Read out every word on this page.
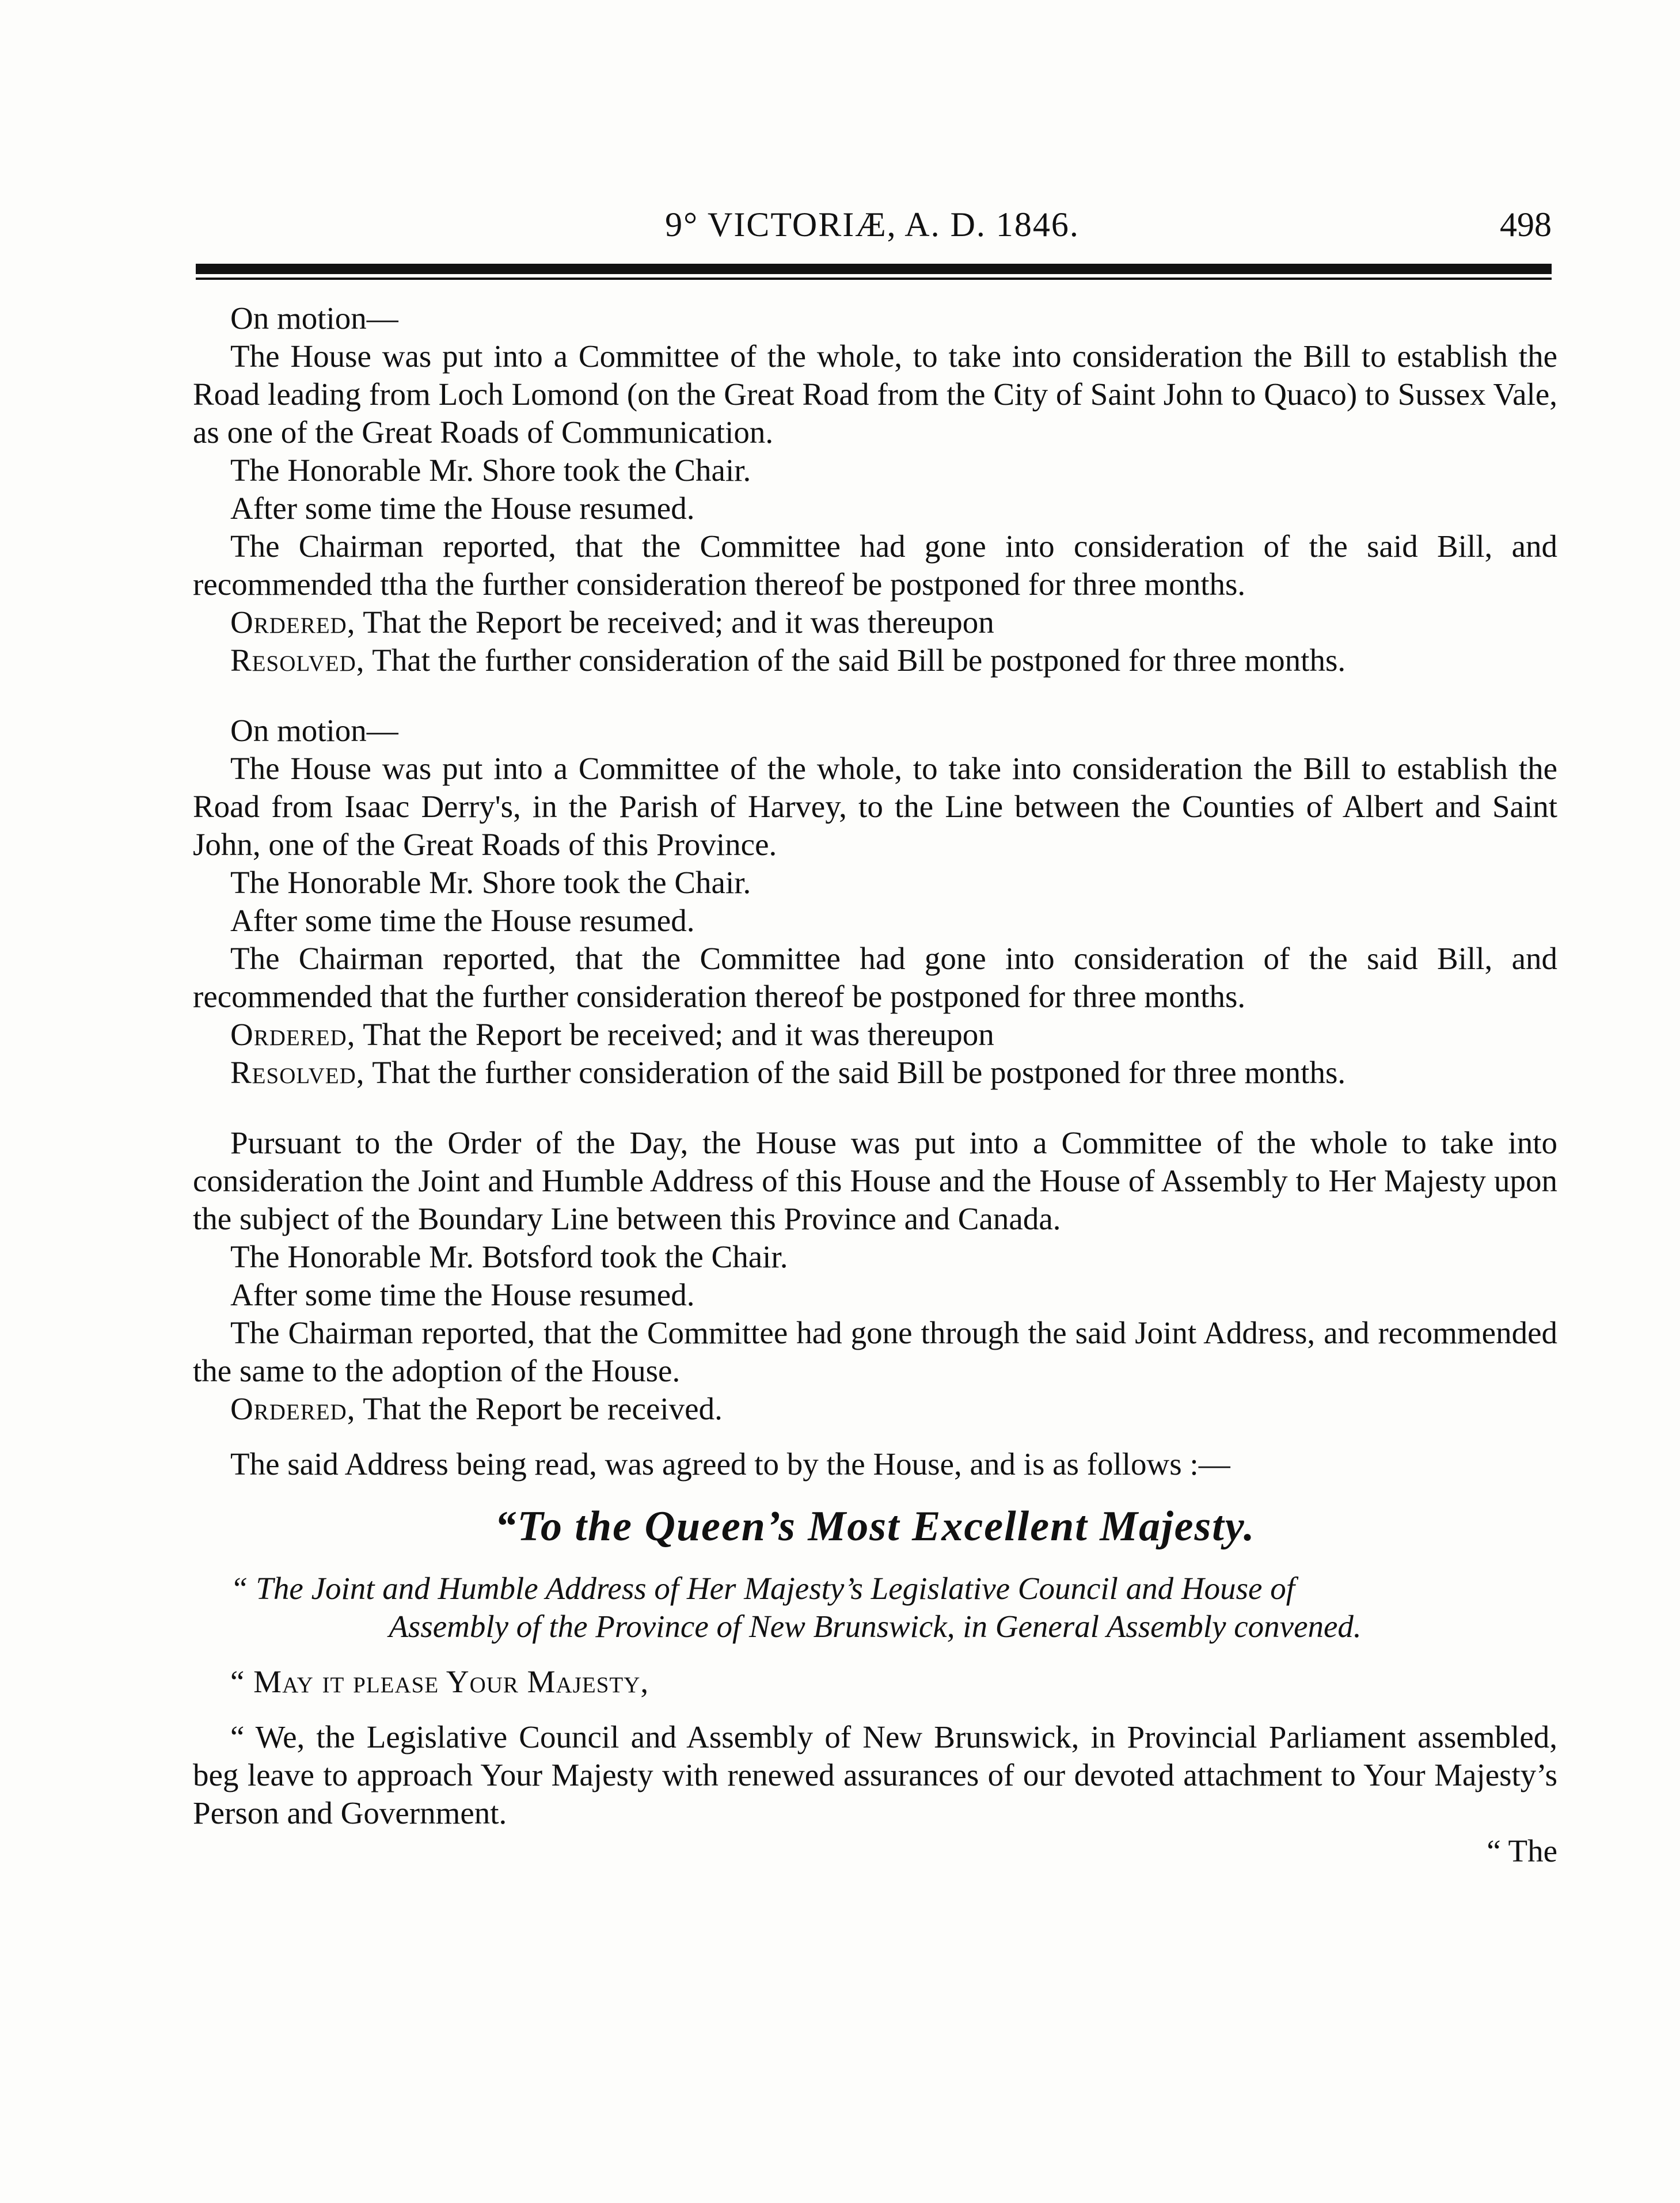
9° VICTORIÆ, A. D. 1846.	498

On motion—

The House was put into a Committee of the whole, to take into consideration the Bill to establish the Road leading from Loch Lomond (on the Great Road from the City of Saint John to Quaco) to Sussex Vale, as one of the Great Roads of Communication.

The Honorable Mr. Shore took the Chair.

After some time the House resumed.

The Chairman reported, that the Committee had gone into consideration of the said Bill, and recommended ttha the further consideration thereof be postponed for three months.

Ordered, That the Report be received; and it was thereupon

Resolved, That the further consideration of the said Bill be postponed for three months.

On motion—

The House was put into a Committee of the whole, to take into consideration the Bill to establish the Road from Isaac Derry's, in the Parish of Harvey, to the Line between the Counties of Albert and Saint John, one of the Great Roads of this Province.

The Honorable Mr. Shore took the Chair.

After some time the House resumed.

The Chairman reported, that the Committee had gone into consideration of the said Bill, and recommended that the further consideration thereof be postponed for three months.

Ordered, That the Report be received; and it was thereupon

Resolved, That the further consideration of the said Bill be postponed for three months.

Pursuant to the Order of the Day, the House was put into a Committee of the whole to take into consideration the Joint and Humble Address of this House and the House of Assembly to Her Majesty upon the subject of the Boundary Line between this Province and Canada.

The Honorable Mr. Botsford took the Chair.

After some time the House resumed.

The Chairman reported, that the Committee had gone through the said Joint Address, and recommended the same to the adoption of the House.

Ordered, That the Report be received.

The said Address being read, was agreed to by the House, and is as follows :—

“To the Queen’s Most Excellent Majesty.

“ The Joint and Humble Address of Her Majesty’s Legislative Council and House of
Assembly of the Province of New Brunswick, in General Assembly convened.

“ May it please Your Majesty,

“ We, the Legislative Council and Assembly of New Brunswick, in Provincial Parliament assembled, beg leave to approach Your Majesty with renewed assurances of our devoted attachment to Your Majesty’s Person and Government.

“ The
